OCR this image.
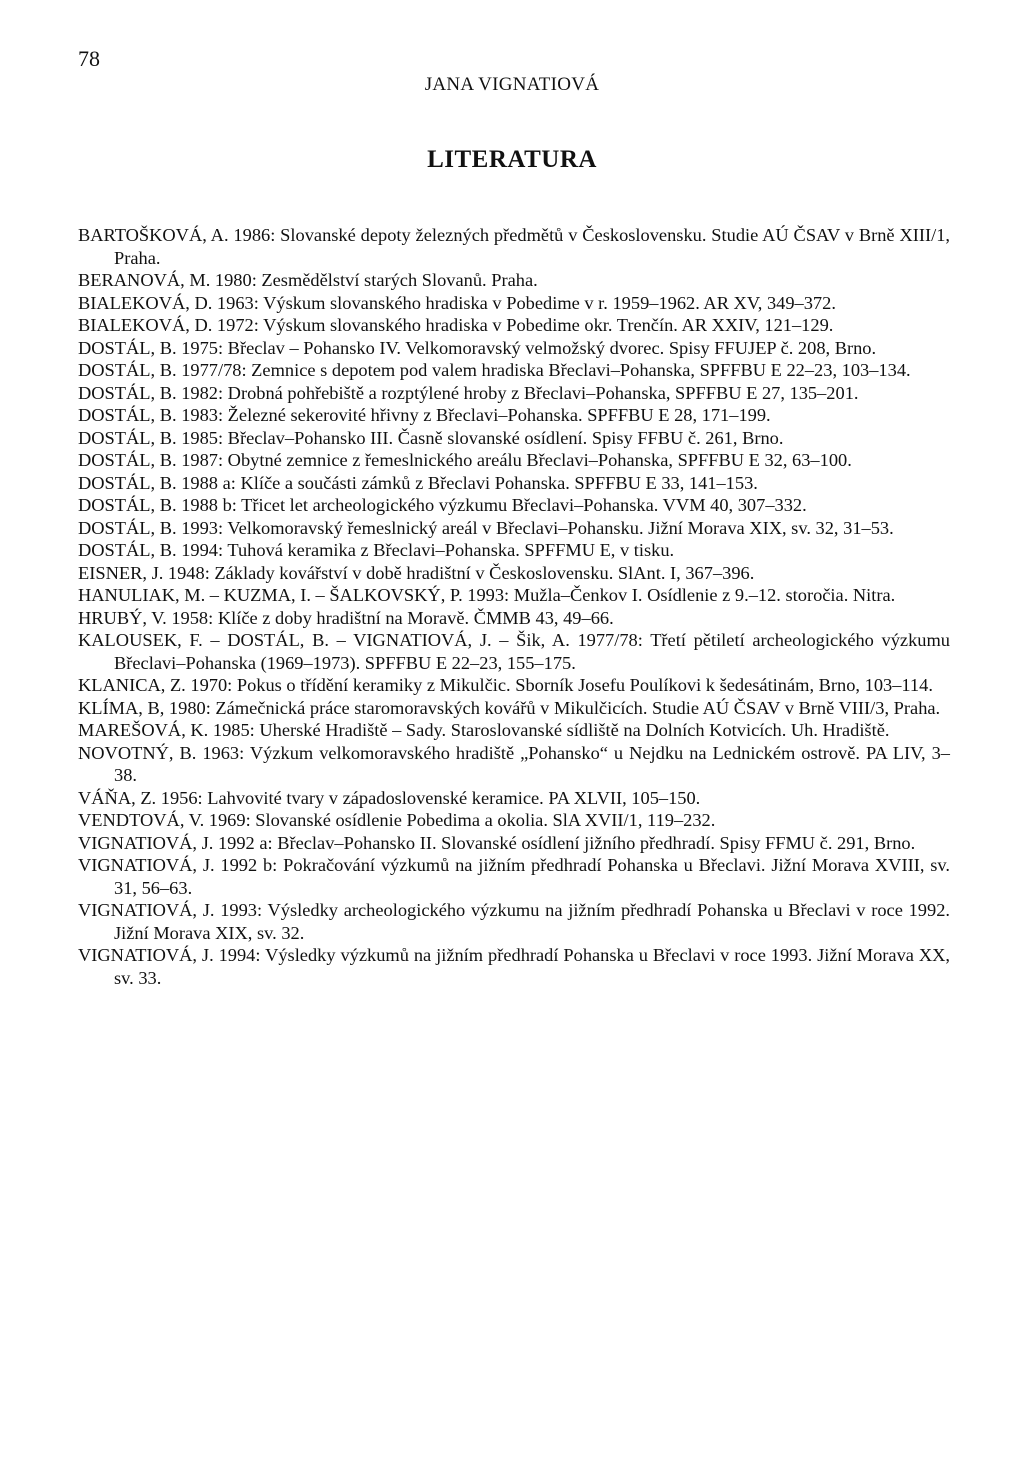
78
JANA VIGNATIOVÁ
LITERATURA
BARTOŠKOVÁ, A. 1986: Slovanské depoty železných předmětů v Československu. Studie AÚ ČSAV v Brně XIII/1, Praha.
BERANOVÁ, M. 1980: Zesmědělství starých Slovanů. Praha.
BIALEKOVÁ, D. 1963: Výskum slovanského hradiska v Pobedime v r. 1959–1962. AR XV, 349–372.
BIALEKOVÁ, D. 1972: Výskum slovanského hradiska v Pobedime okr. Trenčín. AR XXIV, 121–129.
DOSTÁL, B. 1975: Břeclav – Pohansko IV. Velkomoravský velmožský dvorec. Spisy FFUJEP č. 208, Brno.
DOSTÁL, B. 1977/78: Zemnice s depotem pod valem hradiska Břeclavi–Pohanska, SPFFBU E 22–23, 103–134.
DOSTÁL, B. 1982: Drobná pohřebiště a rozptýlené hroby z Břeclavi–Pohanska, SPFFBU E 27, 135–201.
DOSTÁL, B. 1983: Železné sekerovité hřivny z Břeclavi–Pohanska. SPFFBU E 28, 171–199.
DOSTÁL, B. 1985: Břeclav–Pohansko III. Časně slovanské osídlení. Spisy FFBU č. 261, Brno.
DOSTÁL, B. 1987: Obytné zemnice z řemeslnického areálu Břeclavi–Pohanska, SPFFBU E 32, 63–100.
DOSTÁL, B. 1988 a: Klíče a součásti zámků z Břeclavi Pohanska. SPFFBU E 33, 141–153.
DOSTÁL, B. 1988 b: Třicet let archeologického výzkumu Břeclavi–Pohanska. VVM 40, 307–332.
DOSTÁL, B. 1993: Velkomoravský řemeslnický areál v Břeclavi–Pohansku. Jižní Morava XIX, sv. 32, 31–53.
DOSTÁL, B. 1994: Tuhová keramika z Břeclavi–Pohanska. SPFFMU E, v tisku.
EISNER, J. 1948: Základy kovářství v době hradištní v Československu. SlAnt. I, 367–396.
HANULIAK, M. – KUZMA, I. – ŠALKOVSKÝ, P. 1993: Mužla–Čenkov I. Osídlenie z 9.–12. storočia. Nitra.
HRUBÝ, V. 1958: Klíče z doby hradištní na Moravě. ČMMB 43, 49–66.
KALOUSEK, F. – DOSTÁL, B. – VIGNATIOVÁ, J. – Šik, A. 1977/78: Třetí pětiletí archeologického výzkumu Břeclavi–Pohanska (1969–1973). SPFFBU E 22–23, 155–175.
KLANICA, Z. 1970: Pokus o třídění keramiky z Mikulčic. Sborník Josefu Poulíkovi k šedesátinám, Brno, 103–114.
KLÍMA, B, 1980: Zámečnická práce staromoravských kovářů v Mikulčicích. Studie AÚ ČSAV v Brně VIII/3, Praha.
MAREŠOVÁ, K. 1985: Uherské Hradiště – Sady. Staroslovanské sídliště na Dolních Kotvicích. Uh. Hradiště.
NOVOTNÝ, B. 1963: Výzkum velkomoravského hradiště „Pohansko“ u Nejdku na Lednickém ostrově. PA LIV, 3–38.
VÁŇA, Z. 1956: Lahvovité tvary v západoslovenské keramice. PA XLVII, 105–150.
VENDTOVÁ, V. 1969: Slovanské osídlenie Pobedima a okolia. SlA XVII/1, 119–232.
VIGNATIOVÁ, J. 1992 a: Břeclav–Pohansko II. Slovanské osídlení jižního předhradí. Spisy FFMU č. 291, Brno.
VIGNATIOVÁ, J. 1992 b: Pokračování výzkumů na jižním předhradí Pohanska u Břeclavi. Jižní Morava XVIII, sv. 31, 56–63.
VIGNATIOVÁ, J. 1993: Výsledky archeologického výzkumu na jižním předhradí Pohanska u Břeclavi v roce 1992. Jižní Morava XIX, sv. 32.
VIGNATIOVÁ, J. 1994: Výsledky výzkumů na jižním předhradí Pohanska u Břeclavi v roce 1993. Jižní Morava XX, sv. 33.
